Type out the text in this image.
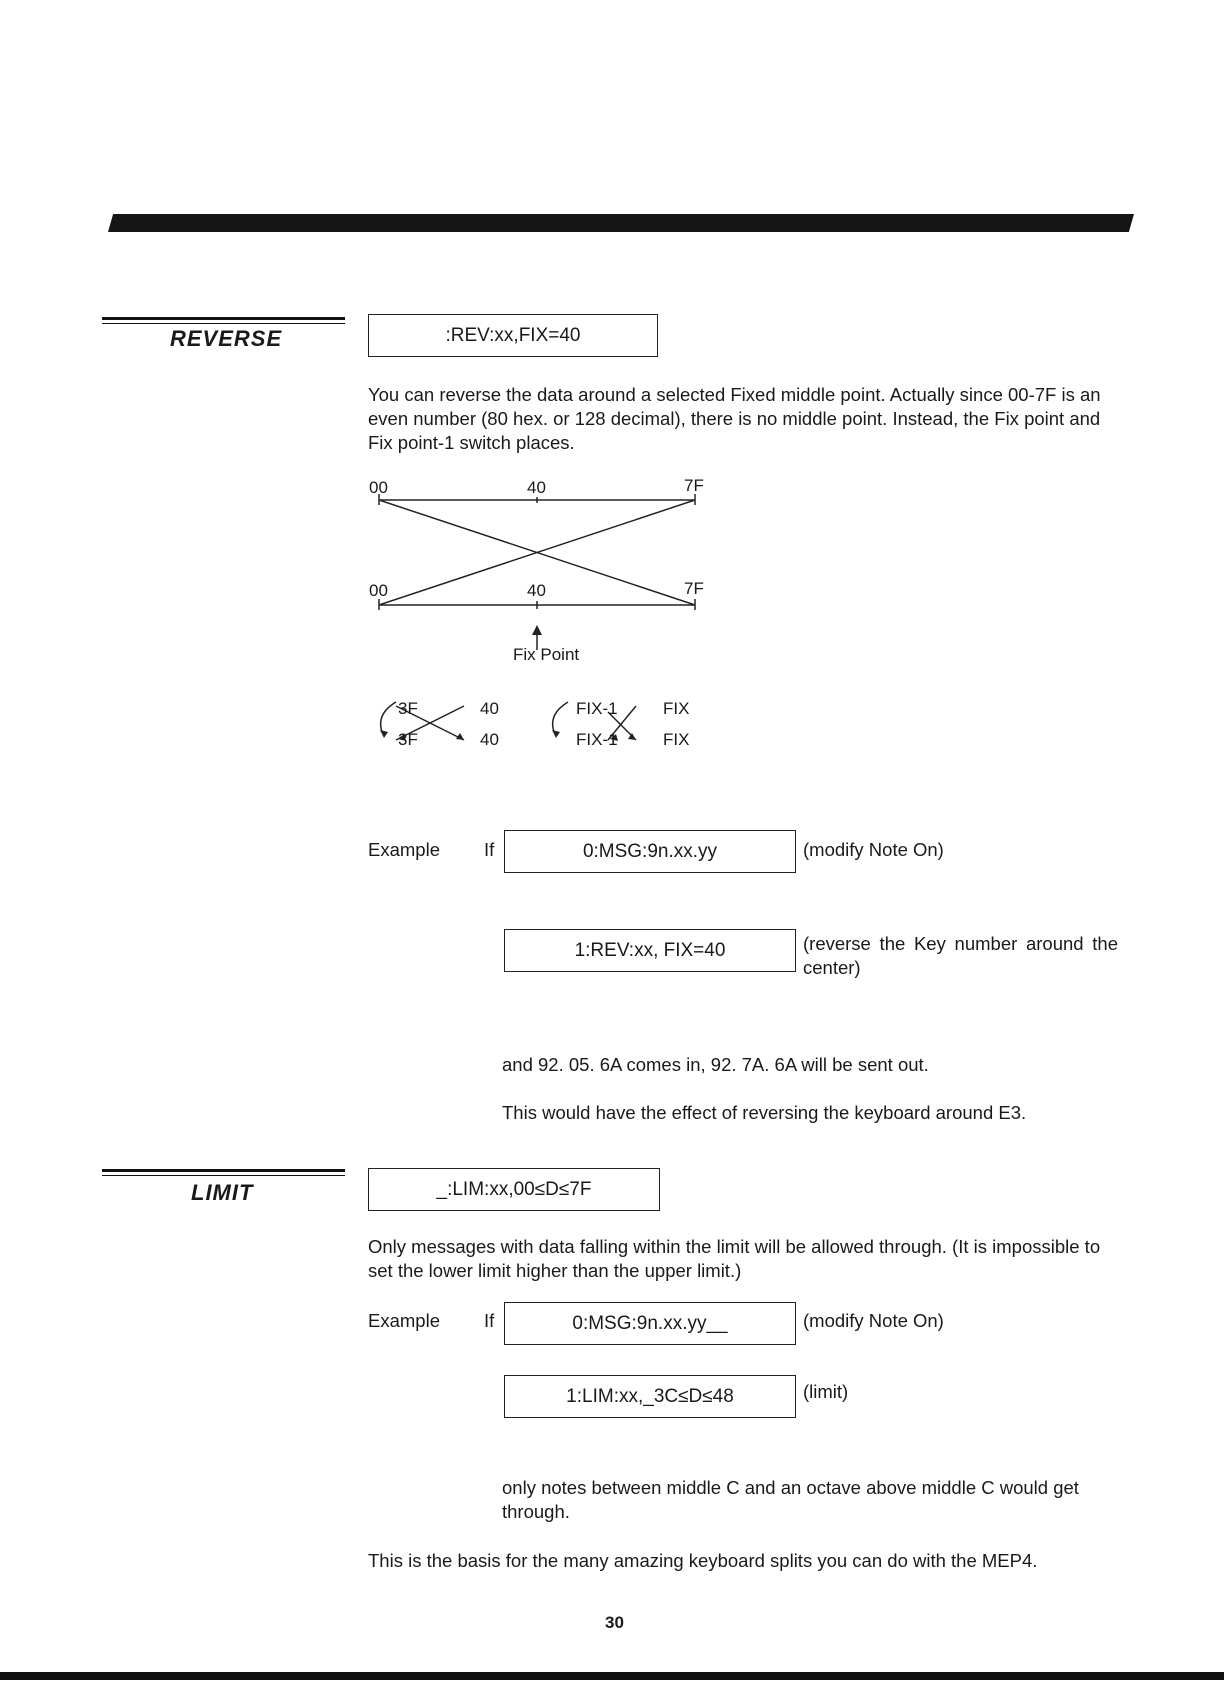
REVERSE	:REV:xx,FIX=40
You can reverse the data around a selected Fixed middle point. Actually since 00-7F is an even number (80 hex. or 128 decimal), there is no middle point. Instead, the Fix point and Fix point-1 switch places.
00	40	7F
00	40	7F
Fix Point
3F	40
3F	40
FIX-1	FIX
FIX-1	FIX
Example If	0:MSG:9n.xx.yy	(modify Note On)
1:REV:xx, FIX=40	(reverse the Key number around the center)
and 92. 05. 6A comes in, 92. 7A. 6A will be sent out.
This would have the effect of reversing the keyboard around E3.
LIMIT	_:LIM:xx,00≤D≤7F
Only messages with data falling within the limit will be allowed through. (It is impossible to set the lower limit higher than the upper limit.)
Example If	0:MSG:9n.xx.yy__	(modify Note On)
1:LIM:xx,_3C≤D≤48	(limit)
only notes between middle C and an octave above middle C would get through.
This is the basis for the many amazing keyboard splits you can do with the MEP4.
30
